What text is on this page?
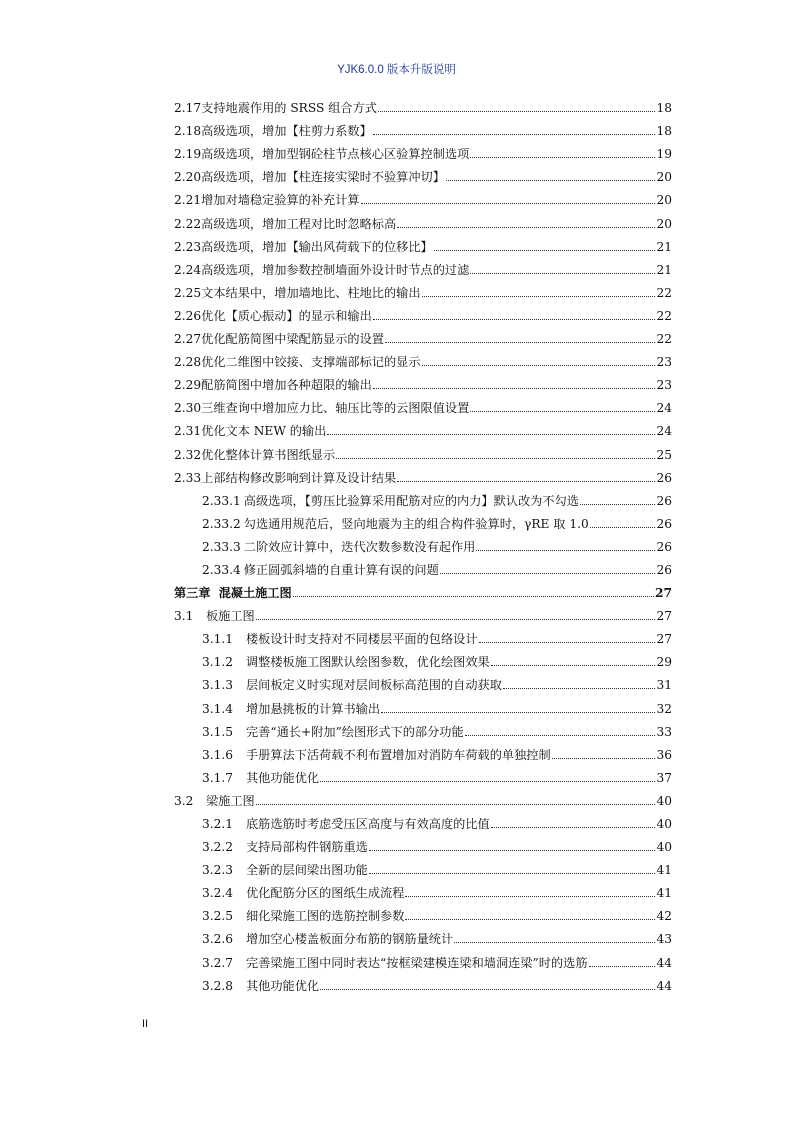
YJK6.0.0 版本升版说明
2.17 支持地震作用的 SRSS 组合方式	18
2.18 高级选项，增加【柱剪力系数】	18
2.19 高级选项，增加型钢砼柱节点核心区验算控制选项	19
2.20 高级选项，增加【柱连接实梁时不验算冲切】	20
2.21 增加对墙稳定验算的补充计算	20
2.22 高级选项，增加工程对比时忽略标高	20
2.23 高级选项，增加【输出风荷载下的位移比】	21
2.24 高级选项，增加参数控制墙面外设计时节点的过滤	21
2.25 文本结果中，增加墙地比、柱地比的输出	22
2.26 优化【质心振动】的显示和输出	22
2.27 优化配筋简图中梁配筋显示的设置	22
2.28 优化二维图中铰接、支撑端部标记的显示	23
2.29 配筋简图中增加各种超限的输出	23
2.30 三维查询中增加应力比、轴压比等的云图限值设置	24
2.31 优化文本 NEW 的输出	24
2.32 优化整体计算书图纸显示	25
2.33 上部结构修改影响到计算及设计结果	26
2.33.1 高级选项，【剪压比验算采用配筋对应的内力】默认改为不勾选	26
2.33.2 勾选通用规范后，竖向地震为主的组合构件验算时，γRE 取 1.0	26
2.33.3 二阶效应计算中，迭代次数参数没有起作用	26
2.33.4 修正圆弧斜墙的自重计算有误的问题	26
第三章 混凝土施工图	27
3.1	板施工图	27
3.1.1	楼板设计时支持对不同楼层平面的包络设计	27
3.1.2	调整楼板施工图默认绘图参数，优化绘图效果	29
3.1.3	层间板定义时实现对层间板标高范围的自动获取	31
3.1.4	增加悬挑板的计算书输出	32
3.1.5	完善“通长+附加”绘图形式下的部分功能	33
3.1.6	手册算法下活荷载不利布置增加对消防车荷载的单独控制	36
3.1.7	其他功能优化	37
3.2	梁施工图	40
3.2.1	底筋选筋时考虑受压区高度与有效高度的比值	40
3.2.2	支持局部构件钢筋重选	40
3.2.3	全新的层间梁出图功能	41
3.2.4	优化配筋分区的图纸生成流程	41
3.2.5	细化梁施工图的选筋控制参数	42
3.2.6	增加空心楼盖板面分布筋的钢筋量统计	43
3.2.7	完善梁施工图中同时表达“按框梁建模连梁和墙洞连梁”时的选筋	44
3.2.8	其他功能优化	44
II
